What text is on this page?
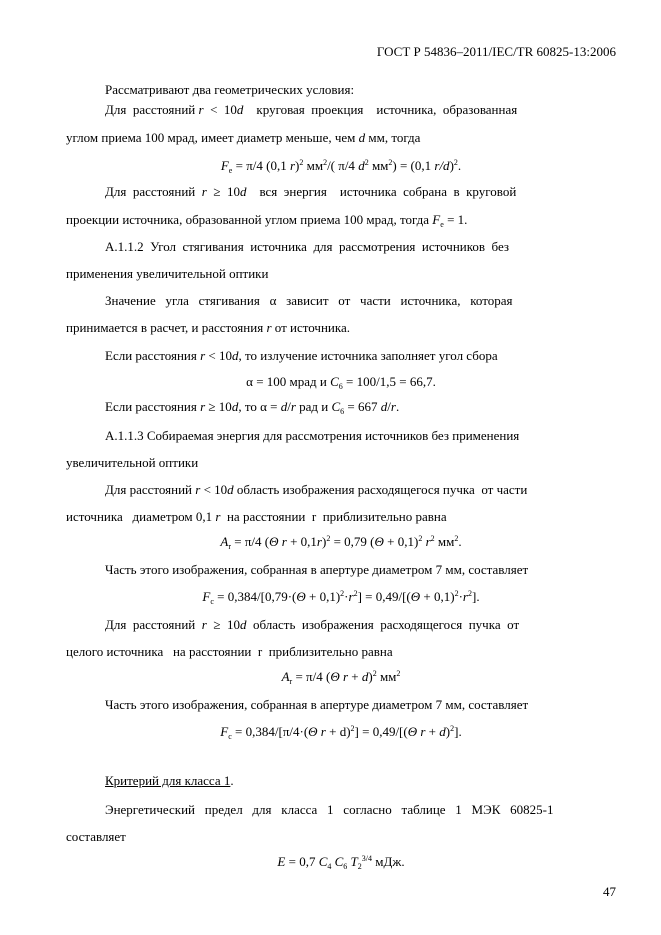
ГОСТ Р 54836–2011/IEC/TR 60825-13:2006
Рассматривают два геометрических условия:
Для  расстояний r  <  10d    круговая  проекция    источника,  образованная
углом приема 100 мрад, имеет диаметр меньше, чем d мм, тогда
$F_e = \pi/4$ (0,1 r)$^2$ $мм^2/$( π/4 $d^2$ $мм^2) = (0,1$ r/d)$^2$.
Для  расстояний  r  ≥  10d    вся  энергия    источника  собрана  в  круговой
проекции источника, образованной углом приема 100 мрад, тогда $F_e = 1$.
А.1.1.2  Угол  стягивания  источника  для  рассмотрения  источников  без
применения увеличительной оптики
Значение   угла   стягивания   α   зависит   от   части   источника,   которая
принимается в расчет, и расстояния r от источника.
Если расстояния r < 10d, то излучение источника заполняет угол сбора
α = 100 мрад и $C_6 = 100/1,5 = 66,7$.
Если расстояния r ≥ 10d, то α = d/r рад и $C_6 = 667$ d/r.
А.1.1.3 Собираемая энергия для рассмотрения источников без применения
увеличительной оптики
Для расстояний r < 10d область изображения расходящегося пучка  от части
источника   диаметром 0,1 r  на расстоянии  r  приблизительно равна
$A_r = \pi/4$ (Θ r + 0,1r)$^2$ = 0,79 $(\Theta + 0,1)^2$ $r^2$ $мм^2$.
Часть этого изображения, собранная в апертуре диаметром 7 мм, составляет
$F_c = 0,384/[0,79\cdot(\Theta + 0,1)^2\cdot r^2] = 0,49/[(\Theta + 0,1)^2\cdot r^2]$.
Для  расстояний  r  ≥  10d  область  изображения  расходящегося  пучка  от
целого источника   на расстоянии  r  приблизительно равна
$A_r = \pi/4$ (Θ r + d)$^2$ $мм^2$
Часть этого изображения, собранная в апертуре диаметром 7 мм, составляет
$F_c = 0,384/[\pi/4\cdot(\Theta$ r + d)$^2$] = 0,49/[(Θ r + d)$^2$].
Критерий для класса 1.
Энергетический   предел   для   класса   1   согласно   таблице   1   МЭК   60825-1
составляет
E = 0,7 $C_4$ $C_6$ $T_2^{3/4}$ мДж.
47
